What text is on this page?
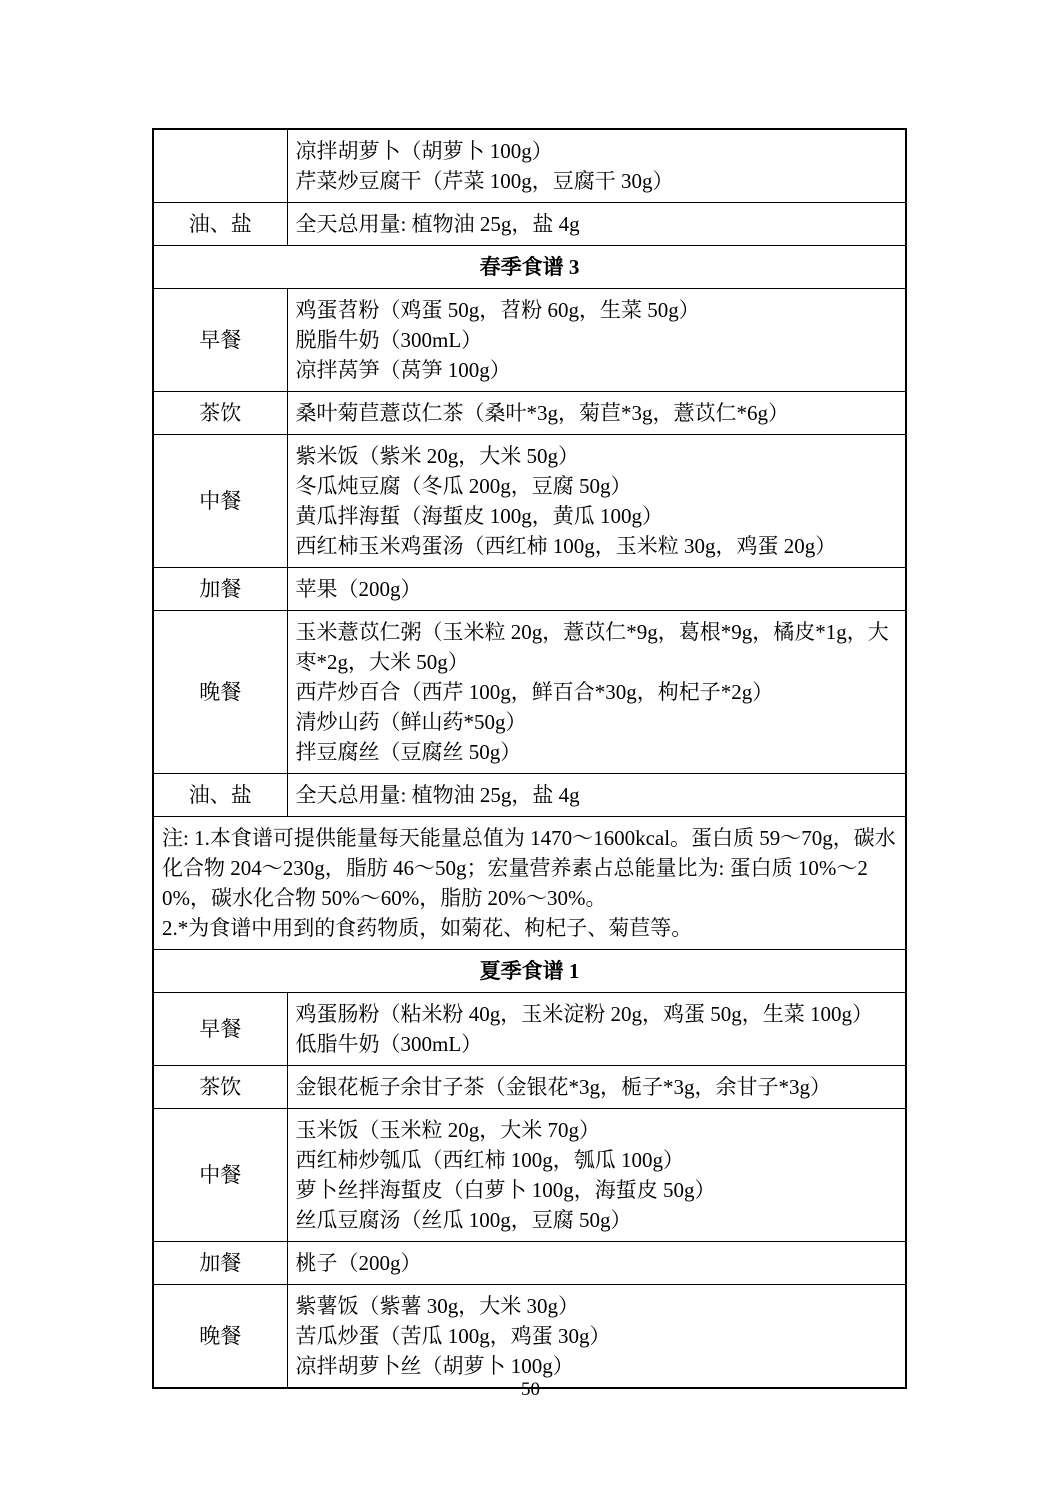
	凉拌胡萝卜（胡萝卜 100g）
芹菜炒豆腐干（芹菜 100g，豆腐干 30g）

油、盐	全天总用量: 植物油 25g，盐 4g

春季食谱 3	
早餐	鸡蛋苕粉（鸡蛋 50g，苕粉 60g，生菜 50g）
脱脂牛奶（300mL）
凉拌莴笋（莴笋 100g）

茶饮	桑叶菊苣薏苡仁茶（桑叶*3g，菊苣*3g，薏苡仁*6g）

中餐	紫米饭（紫米 20g，大米 50g）
冬瓜炖豆腐（冬瓜 200g，豆腐 50g）
黄瓜拌海蜇（海蜇皮 100g，黄瓜 100g）
西红柿玉米鸡蛋汤（西红柿 100g，玉米粒 30g，鸡蛋 20g）

加餐	苹果（200g）

晚餐	玉米薏苡仁粥（玉米粒 20g，薏苡仁*9g，葛根*9g，橘皮*1g，大枣*2g，大米 50g）
西芹炒百合（西芹 100g，鲜百合*30g，枸杞子*2g）
清炒山药（鲜山药*50g）
拌豆腐丝（豆腐丝 50g）

油、盐	全天总用量: 植物油 25g，盐 4g

注: 1.本食谱可提供能量每天能量总值为 1470～1600kcal。蛋白质 59～70g，碳水化合物 204～230g，脂肪 46～50g；宏量营养素占总能量比为: 蛋白质 10%～20%，碳水化合物 50%～60%，脂肪 20%～30%。
2.*为食谱中用到的食药物质，如菊花、枸杞子、菊苣等。	

夏季食谱 1	
早餐	鸡蛋肠粉（粘米粉 40g，玉米淀粉 20g，鸡蛋 50g，生菜 100g）
低脂牛奶（300mL）

茶饮	金银花栀子余甘子茶（金银花*3g，栀子*3g，余甘子*3g）

中餐	玉米饭（玉米粒 20g，大米 70g）
西红柿炒瓠瓜（西红柿 100g，瓠瓜 100g）
萝卜丝拌海蜇皮（白萝卜 100g，海蜇皮 50g）
丝瓜豆腐汤（丝瓜 100g，豆腐 50g）

加餐	桃子（200g）

晚餐	紫薯饭（紫薯 30g，大米 30g）
苦瓜炒蛋（苦瓜 100g，鸡蛋 30g）
凉拌胡萝卜丝（胡萝卜 100g）
50
